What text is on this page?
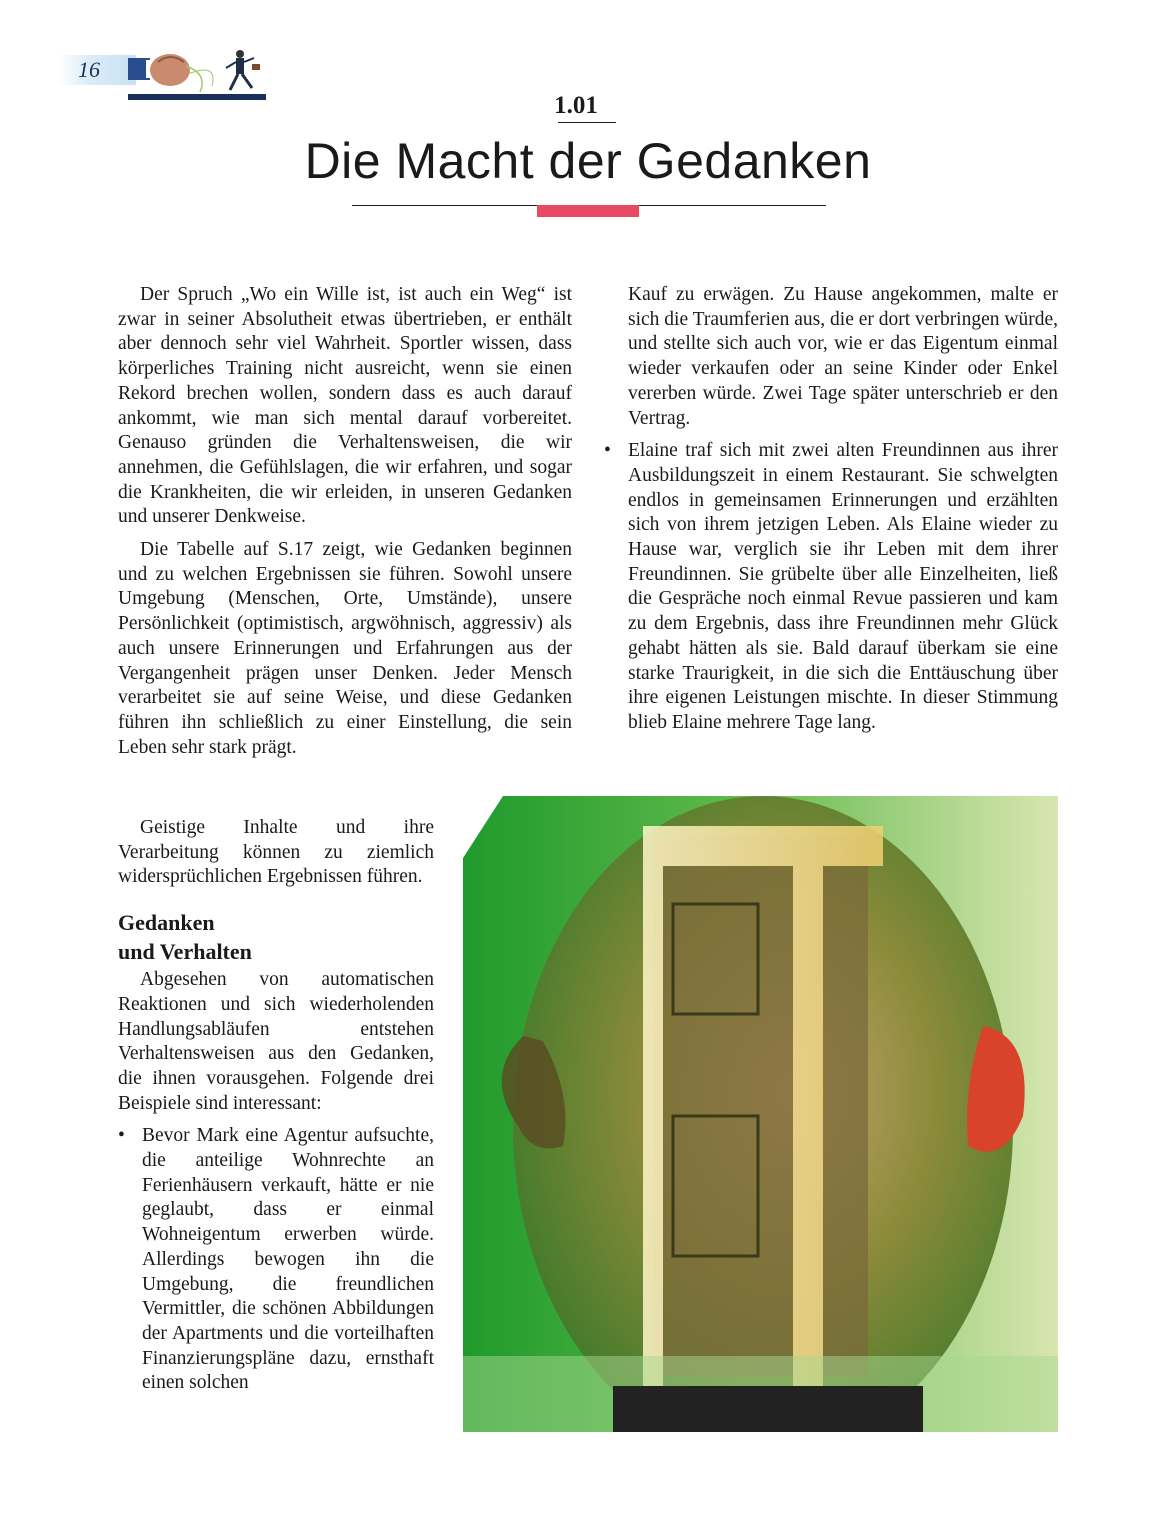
16
1.01
Die Macht der Gedanken

Der Spruch „Wo ein Wille ist, ist auch ein Weg“ ist zwar in seiner Absolutheit etwas übertrieben, er enthält aber dennoch sehr viel Wahrheit. Sportler wissen, dass körperliches Training nicht ausreicht, wenn sie einen Rekord brechen wollen, sondern dass es auch darauf ankommt, wie man sich mental darauf vorbereitet. Genauso gründen die Verhaltensweisen, die wir annehmen, die Gefühlslagen, die wir erfahren, und sogar die Krankheiten, die wir erleiden, in unseren Gedanken und unserer Denkweise.

Die Tabelle auf S.17 zeigt, wie Gedanken beginnen und zu welchen Ergebnissen sie führen. Sowohl unsere Umgebung (Menschen, Orte, Umstände), unsere Persönlichkeit (optimistisch, argwöhnisch, aggressiv) als auch unsere Erinnerungen und Erfahrungen aus der Vergangenheit prägen unser Denken. Jeder Mensch verarbeitet sie auf seine Weise, und diese Gedanken führen ihn schließlich zu einer Einstellung, die sein Leben sehr stark prägt.

Geistige Inhalte und ihre Verarbeitung können zu ziemlich widersprüchlichen Ergebnissen führen.

Gedanken
und Verhalten

Abgesehen von automatischen Reaktionen und sich wiederholenden Handlungsabläufen entstehen Verhaltensweisen aus den Gedanken, die ihnen vorausgehen. Folgende drei Beispiele sind interessant:

• Bevor Mark eine Agentur aufsuchte, die anteilige Wohnrechte an Ferienhäusern verkauft, hätte er nie geglaubt, dass er einmal Wohneigentum erwerben würde. Allerdings bewogen ihn die Umgebung, die freundlichen Vermittler, die schönen Abbildungen der Apartments und die vorteilhaften Finanzierungspläne dazu, ernsthaft einen solchen

Kauf zu erwägen. Zu Hause angekommen, malte er sich die Traumferien aus, die er dort verbringen würde, und stellte sich auch vor, wie er das Eigentum einmal wieder verkaufen oder an seine Kinder oder Enkel vererben würde. Zwei Tage später unterschrieb er den Vertrag.

• Elaine traf sich mit zwei alten Freundinnen aus ihrer Ausbildungszeit in einem Restaurant. Sie schwelgten endlos in gemeinsamen Erinnerungen und erzählten sich von ihrem jetzigen Leben. Als Elaine wieder zu Hause war, verglich sie ihr Leben mit dem ihrer Freundinnen. Sie grübelte über alle Einzelheiten, ließ die Gespräche noch einmal Revue passieren und kam zu dem Ergebnis, dass ihre Freundinnen mehr Glück gehabt hätten als sie. Bald darauf überkam sie eine starke Traurigkeit, in die sich die Enttäuschung über ihre eigenen Leistungen mischte. In dieser Stimmung blieb Elaine mehrere Tage lang.
